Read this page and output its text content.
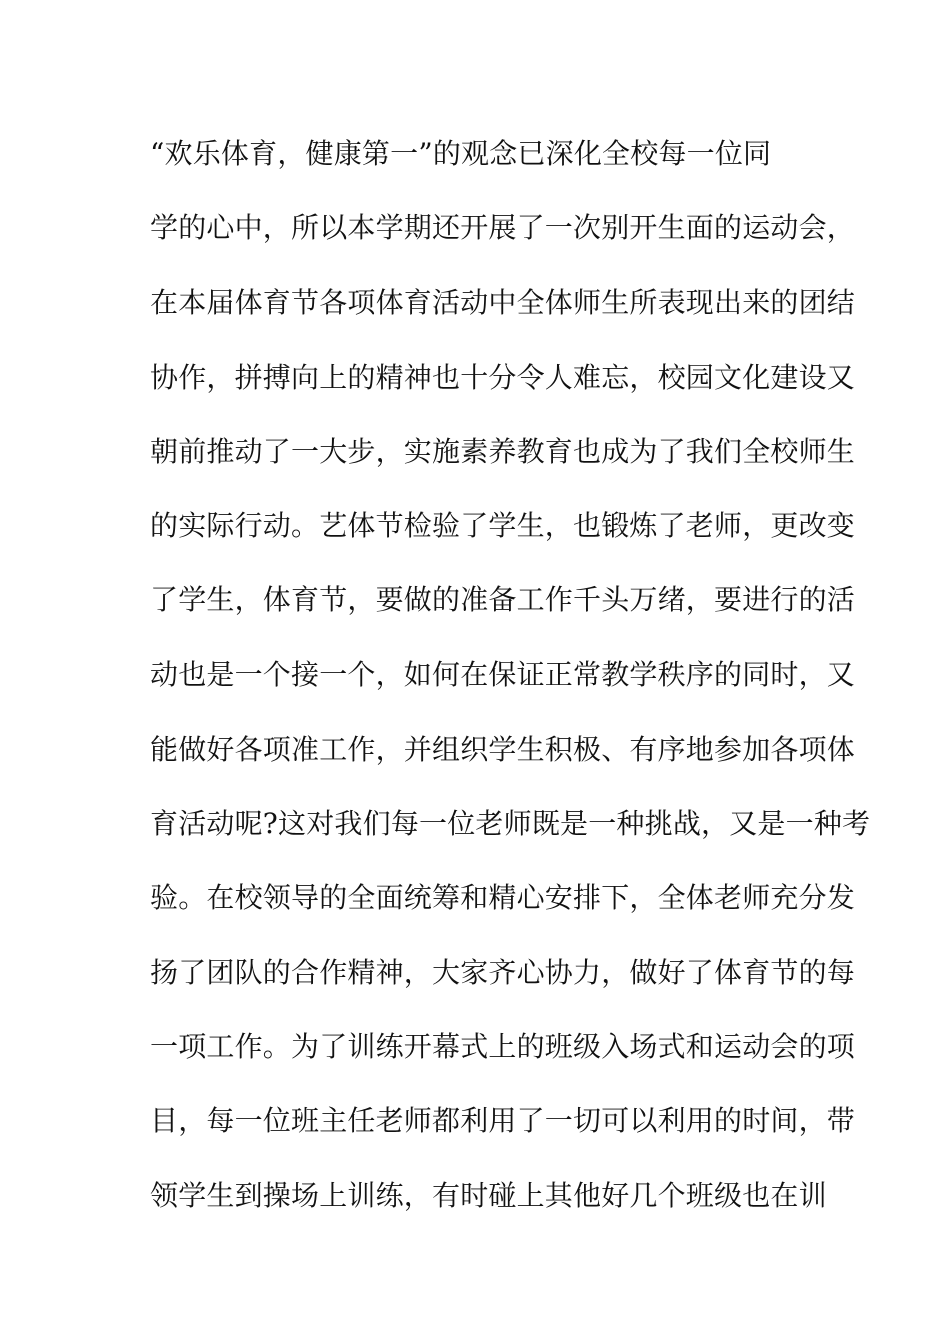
“欢乐体育，健康第一”的观念已深化全校每一位同
学的心中，所以本学期还开展了一次别开生面的运动会，
在本届体育节各项体育活动中全体师生所表现出来的团结
协作，拼搏向上的精神也十分令人难忘，校园文化建设又
朝前推动了一大步，实施素养教育也成为了我们全校师生
的实际行动。艺体节检验了学生，也锻炼了老师，更改变
了学生，体育节，要做的准备工作千头万绪，要进行的活
动也是一个接一个，如何在保证正常教学秩序的同时，又
能做好各项准工作，并组织学生积极、有序地参加各项体
育活动呢?这对我们每一位老师既是一种挑战，又是一种考
验。在校领导的全面统筹和精心安排下，全体老师充分发
扬了团队的合作精神，大家齐心协力，做好了体育节的每
一项工作。为了训练开幕式上的班级入场式和运动会的项
目，每一位班主任老师都利用了一切可以利用的时间，带
领学生到操场上训练，有时碰上其他好几个班级也在训
